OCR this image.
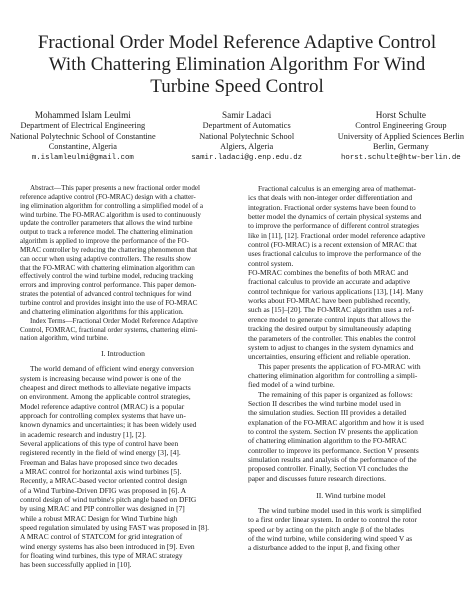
Fractional Order Model Reference Adaptive Control
With Chattering Elimination Algorithm For Wind
Turbine Speed Control
Mohammed Islam Leulmi
Department of Electrical Engineering
National Polytechnic School of Constantine
Constantine, Algeria
m.islamleulmi@gmail.com
Samir Ladaci
Department of Automatics
National Polytechnic School
Algiers, Algeria
samir.ladaci@g.enp.edu.dz
Horst Schulte
Control Engineering Group
University of Applied Sciences Berlin
Berlin, Germany
horst.schulte@htw-berlin.de
Abstract—This paper presents a new fractional order model
reference adaptive control (FO-MRAC) design with a chatter-
ing elimination algorithm for controlling a simplified model of a
wind turbine. The FO-MRAC algorithm is used to continuously
update the controller parameters that allows the wind turbine
output to track a reference model. The chattering elimination
algorithm is applied to improve the performance of the FO-
MRAC controller by reducing the chattering phenomenon that
can occur when using adaptive controllers. The results show
that the FO-MRAC with chattering elimination algorithm can
effectively control the wind turbine model, reducing tracking
errors and improving control performance. This paper demon-
strates the potential of advanced control techniques for wind
turbine control and provides insight into the use of FO-MRAC
and chattering elimination algorithms for this application.
Index Terms—Fractional Order Model Reference Adaptive
Control, FOMRAC, fractional order systems, chattering elimi-
nation algorithm, wind turbine.
I. Introduction
The world demand of efficient wind energy conversion
system is increasing because wind power is one of the
cheapest and direct methods to alleviate negative impacts
on environment. Among the applicable control strategies,
Model reference adaptive control (MRAC) is a popular
approach for controlling complex systems that have un-
known dynamics and uncertainties; it has been widely used
in academic research and industry [1], [2].
Several applications of this type of control have been
registered recently in the field of wind energy [3], [4].
Freeman and Balas have proposed since two decades
a MRAC control for horizontal axis wind turbines [5].
Recently, a MRAC-based vector oriented control design
of a Wind Turbine-Driven DFIG was proposed in [6]. A
control design of wind turbine's pitch angle based on DFIG
by using MRAC and PIP controller was designed in [7]
while a robust MRAC Design for Wind Turbine high
speed regulation simulated by using FAST was proposed in [8].
A MRAC control of STATCOM for grid integration of
wind energy systems has also been introduced in [9]. Even
for floating wind turbines, this type of MRAC strategy
has been successfully applied in [10].
Fractional calculus is an emerging area of mathemat-
ics that deals with non-integer order differentiation and
integration. Fractional order systems have been found to
better model the dynamics of certain physical systems and
to improve the performance of different control strategies
like in [11], [12]. Fractional order model reference adaptive
control (FO-MRAC) is a recent extension of MRAC that
uses fractional calculus to improve the performance of the
control system.
FO-MRAC combines the benefits of both MRAC and
fractional calculus to provide an accurate and adaptive
control technique for various applications [13], [14]. Many
works about FO-MRAC have been published recently,
such as [15]–[20]. The FO-MRAC algorithm uses a ref-
erence model to generate control inputs that allows the
tracking the desired output by simultaneously adapting
the parameters of the controller. This enables the control
system to adjust to changes in the system dynamics and
uncertainties, ensuring efficient and reliable operation.
This paper presents the application of FO-MRAC with
chattering elimination algorithm for controlling a simpli-
fied model of a wind turbine.
The remaining of this paper is organized as follows:
Section II describes the wind turbine model used in
the simulation studies. Section III provides a detailed
explanation of the FO-MRAC algorithm and how it is used
to control the system. Section IV presents the application
of chattering elimination algorithm to the FO-MRAC
controller to improve its performance. Section V presents
simulation results and analysis of the performance of the
proposed controller. Finally, Section VI concludes the
paper and discusses future research directions.
II. Wind turbine model
The wind turbine model used in this work is simplified
to a first order linear system. In order to control the rotor
speed ωr by acting on the pitch angle β of the blades
of the wind turbine, while considering wind speed V as
a disturbance added to the input β, and fixing other
